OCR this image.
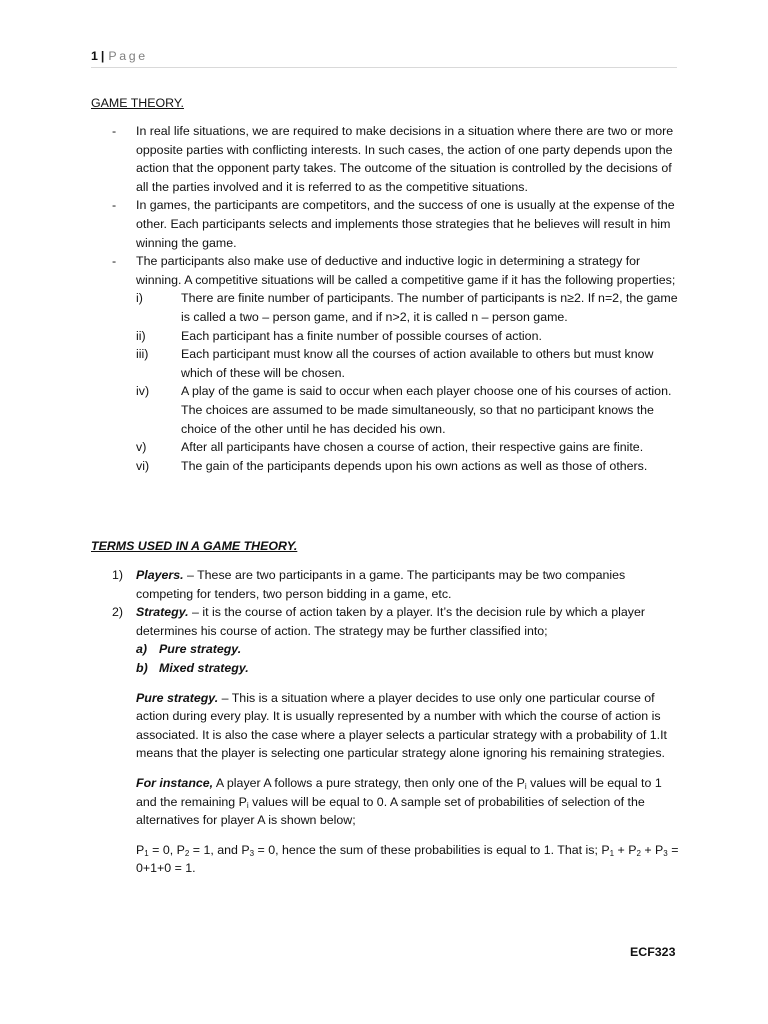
1 | Page
GAME THEORY.
- In real life situations, we are required to make decisions in a situation where there are two or more opposite parties with conflicting interests. In such cases, the action of one party depends upon the action that the opponent party takes. The outcome of the situation is controlled by the decisions of all the parties involved and it is referred to as the competitive situations.
- In games, the participants are competitors, and the success of one is usually at the expense of the other. Each participants selects and implements those strategies that he believes will result in him winning the game.
- The participants also make use of deductive and inductive logic in determining a strategy for winning. A competitive situations will be called a competitive game if it has the following properties;
i)	There are finite number of participants. The number of participants is n≥2. If n=2, the game is called a two – person game, and if n>2, it is called n – person game.
ii)	Each participant has a finite number of possible courses of action.
iii)	Each participant must know all the courses of action available to others but must know which of these will be chosen.
iv)	A play of the game is said to occur when each player choose one of his courses of action. The choices are assumed to be made simultaneously, so that no participant knows the choice of the other until he has decided his own.
v)	After all participants have chosen a course of action, their respective gains are finite.
vi)	The gain of the participants depends upon his own actions as well as those of others.
TERMS USED IN A GAME THEORY.
1) Players. – These are two participants in a game. The participants may be two companies competing for tenders, two person bidding in a game, etc.
2) Strategy. – it is the course of action taken by a player. It’s the decision rule by which a player determines his course of action. The strategy may be further classified into;
a) Pure strategy.
b) Mixed strategy.
Pure strategy. – This is a situation where a player decides to use only one particular course of action during every play. It is usually represented by a number with which the course of action is associated. It is also the case where a player selects a particular strategy with a probability of 1.It means that the player is selecting one particular strategy alone ignoring his remaining strategies.
For instance, A player A follows a pure strategy, then only one of the $P_i$ values will be equal to 1 and the remaining $P_i$ values will be equal to 0. A sample set of probabilities of selection of the alternatives for player A is shown below;
$P_1 = 0$, $P_2 = 1$, and $P_3 = 0$, hence the sum of these probabilities is equal to 1. That is; $P_1 + P_2 + P_3 = 0+1+0 = 1$.
ECF323
